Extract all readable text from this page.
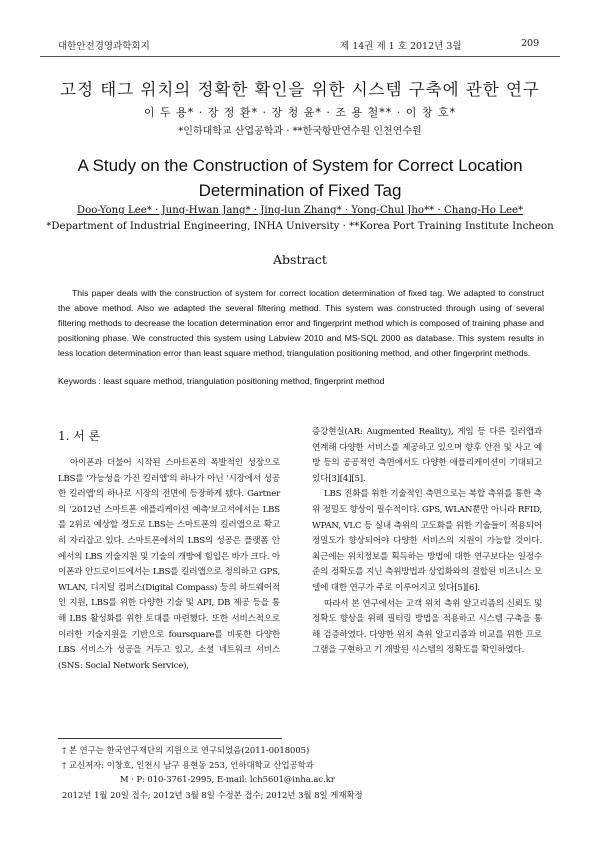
대한안전경영과학회지	제 14권 제 1 호 2012년 3월	209
고정 태그 위치의 정확한 확인을 위한 시스템 구축에 관한 연구
이 두 용* · 장 정 환* · 장 청 윤* · 조 용 철** · 이 창 호*
*인하대학교 산업공학과 · **한국항만연수원 인천연수원
A Study on the Construction of System for Correct Location
Determination of Fixed Tag
Doo-Yong Lee* · Jung-Hwan Jang* · Jing-lun Zhang* · Yong-Chul Jho** · Chang-Ho Lee*
*Department of Industrial Engineering, INHA University · **Korea Port Training Institute Incheon
Abstract
This paper deals with the construction of system for correct location determination of fixed tag. We adapted to construct the above method. Also we adapted the several filtering method. This system was constructed through using of several filtering methods to decrease the location determination error and fingerprint method which is composed of training phase and positioning phase. We constructed this system using Labview 2010 and MS-SQL 2000 as database. This system results in less location determination error than least square method, triangulation positioning method, and other fingerprint methods.
Keywords : least square method, triangulation positioning method, fingerprint method
1. 서 론

아이폰과 더불어 시작된 스마트폰의 폭발적인 성장으로 LBS를 '가능성을 가진 킬러앱'의 하나가 아닌 '시장에서 성공한 킬러앱'의 하나로 시장의 전면에 등장하게 됐다. Gartner의 '2012년 스마트폰 애플리케이션 예측'보고서에서는 LBS를 2위로 예상할 정도로 LBS는 스마트폰의 킬러앱으로 확고히 자리잡고 있다. 스마트폰에서의 LBS의 성공은 플랫폼 안에서의 LBS 기술지원 및 기술의 개방에 힘입은 바가 크다. 아이폰과 안드로이드에서는 LBS를 킬러앱으로 정의하고 GPS, WLAN, 디지털 컴퍼스(Digital Compass) 등의 하드웨어적인 지원, LBS를 위한 다양한 기술 및 API, DB 제공 등을 통해 LBS 활성화를 위한 토대를 마련했다. 또한 서비스적으로 이러한 기술지원을 기반으로 foursquare를 비롯한 다양한 LBS 서비스가 성공을 거두고 있고, 소셜 네트워크 서비스(SNS: Social Network Service),

증강현실(AR: Augmented Reality), 게임 등 다른 킬러앱과 연계해 다양한 서비스를 제공하고 있으며 향후 안전 및 사고 예방 등의 공공적인 측면에서도 다양한 애플리케이션이 기대되고 있다[3][4][5].

LBS 진화를 위한 기술적인 측면으로는 복합 측위를 통한 측위 정밀도 향상이 필수적이다. GPS, WLAN뿐만 아니라 RFID, WPAN, VLC 등 실내 측위의 고도화를 위한 기술들이 적용되어 정밀도가 향상되어야 다양한 서비스의 지원이 가능할 것이다. 최근에는 위치정보를 획득하는 방법에 대한 연구보다는 일정수준의 정확도를 지닌 측위방법과 상업화와의 결합된 비즈니스 모델에 대한 연구가 주로 이루어지고 있다[5][6].

따라서 본 연구에서는 고객 위치 측위 알고리즘의 신뢰도 및 정확도 향상을 위해 필터링 방법을 적용하고 시스템 구축을 통해 검증하였다. 다양한 위치 측위 알고리즘과 비교를 위한 프로그램을 구현하고 기 개발된 시스템의 정확도를 확인하였다.

† 본 연구는 한국연구재단의 지원으로 연구되었음(2011-0018005)
† 교신저자: 이창호, 인천시 남구 용현동 253, 인하대학교 산업공학과
M · P: 010-3761-2995, E-mail: lch5601@inha.ac.kr
2012년 1월 20일 접수; 2012년 3월 8일 수정본 접수; 2012년 3월 8일 게재확정
